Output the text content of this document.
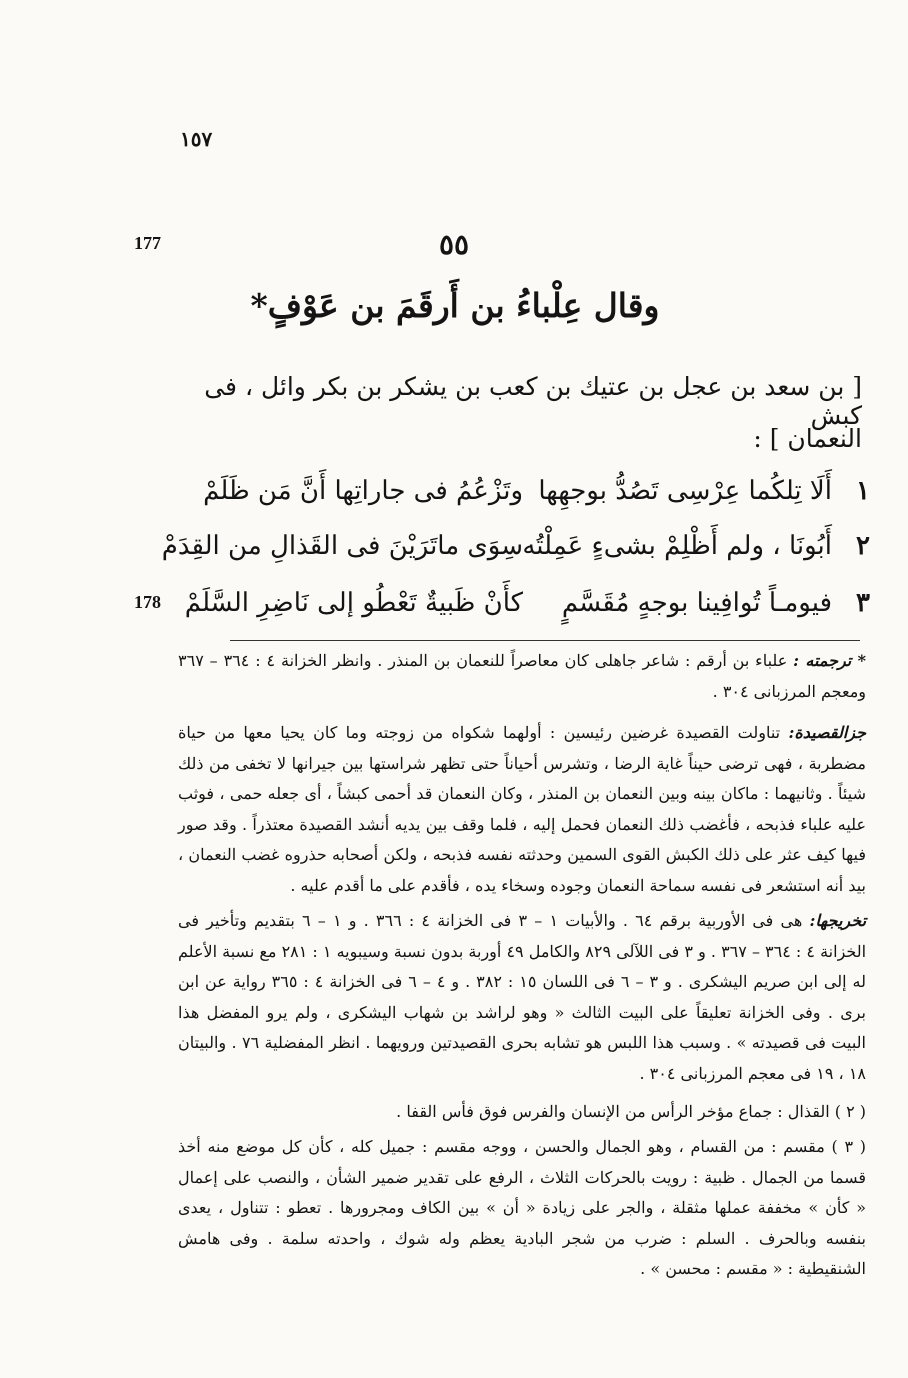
١٥٧
177
178
٥٥
وقال عِلْباءُ بن أَرقَمَ بن عَوْفٍ*
[ بن سعد بن عجل بن عتيك بن كعب بن يشكر بن بكر وائل ، فى كبش
النعمان ] :
١
أَلَا تِلكُما عِرْسِى تَصُدُّ بوجهِها
وتَزْعُمُ فى جاراتِها أَنَّ مَن ظَلَمْ
٢
أَبُونَا ، ولم أَظْلِمْ بشىءٍ عَمِلْتُه
سِوَى ماتَرَيْنَ فى القَذالِ من القِدَمْ
٣
فيومـاً تُوافِينا بوجهٍ مُقَسَّمٍ
كأَنْ ظَبيةٌ تَعْطُو إلى نَاضِرِ السَّلَمْ
* ترجمته : علباء بن أرقم : شاعر جاهلى كان معاصراً للنعمان بن المنذر . وانظر الخزانة ٤ : ٣٦٤ – ٣٦٧ ومعجم المرزبانى ٣٠٤ .
جزالقصيدة: تناولت القصيدة غرضين رئيسين : أولهما شكواه من زوجته وما كان يحيا معها من حياة مضطربة ، فهى ترضى حيناً غاية الرضا ، وتشرس أحياناً حتى تظهر شراستها بين جيرانها لا تخفى من ذلك شيئاً . وثانيهما : ماكان بينه وبين النعمان بن المنذر ، وكان النعمان قد أحمى كبشاً ، أى جعله حمى ، فوثب عليه علباء فذبحه ، فأغضب ذلك النعمان فحمل إليه ، فلما وقف بين يديه أنشد القصيدة معتذراً . وقد صور فيها كيف عثر على ذلك الكبش القوى السمين وحدثته نفسه فذبحه ، ولكن أصحابه حذروه غضب النعمان ، بيد أنه استشعر فى نفسه سماحة النعمان وجوده وسخاء يده ، فأقدم على ما أقدم عليه .
تخريجها: هى فى الأوربية برقم ٦٤ . والأبيات ١ – ٣ فى الخزانة ٤ : ٣٦٦ . و ١ – ٦ بتقديم وتأخير فى الخزانة ٤ : ٣٦٤ – ٣٦٧ . و ٣ فى اللآلى ٨٢٩ والكامل ٤٩ أوربة بدون نسبة وسيبويه ١ : ٢٨١ مع نسبة الأعلم له إلى ابن صريم اليشكرى . و ٣ – ٦ فى اللسان ١٥ : ٣٨٢ . و ٤ – ٦ فى الخزانة ٤ : ٣٦٥ رواية عن ابن برى . وفى الخزانة تعليقاً على البيت الثالث « وهو لراشد بن شهاب اليشكرى ، ولم يرو المفضل هذا البيت فى قصيدته » . وسبب هذا اللبس هو تشابه بحرى القصيدتين ورويهما . انظر المفضلية ٧٦ . والبيتان ١٨ ، ١٩ فى معجم المرزبانى ٣٠٤ .
( ٢ ) القذال : جماع مؤخر الرأس من الإنسان والفرس فوق فأس القفا .
( ٣ ) مقسم : من القسام ، وهو الجمال والحسن ، ووجه مقسم : جميل كله ، كأن كل موضع منه أخذ قسما من الجمال . ظبية : رويت بالحركات الثلاث ، الرفع على تقدير ضمير الشأن ، والنصب على إعمال « كأن » مخففة عملها مثقلة ، والجر على زيادة « أن » بين الكاف ومجرورها . تعطو : تتناول ، يعدى بنفسه وبالحرف . السلم : ضرب من شجر البادية يعظم وله شوك ، واحدته سلمة . وفى هامش الشنقيطية : « مقسم : محسن » .
